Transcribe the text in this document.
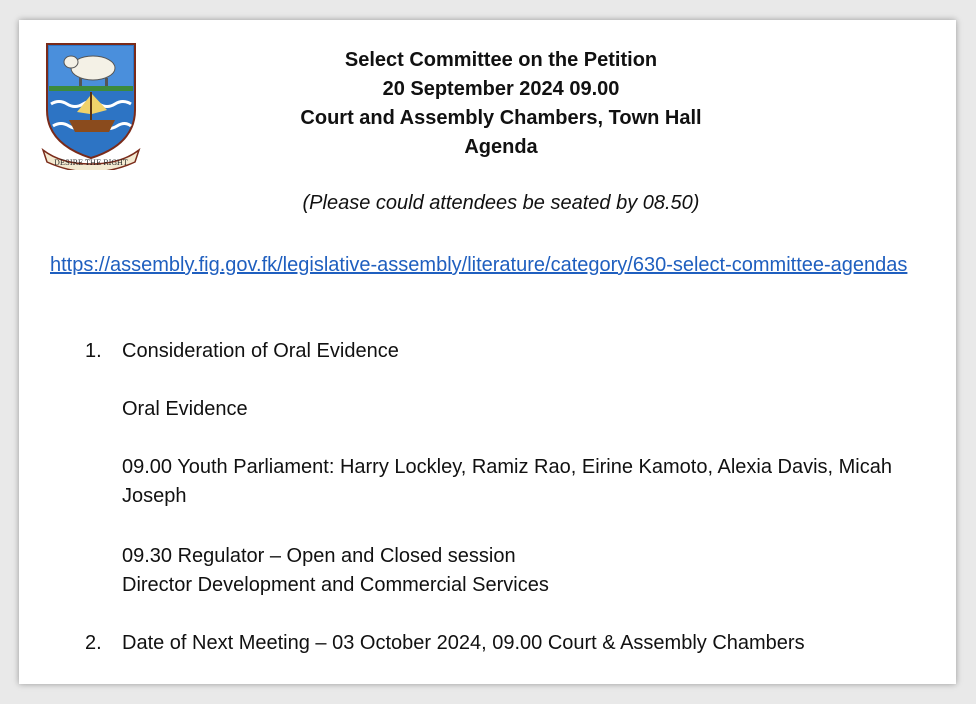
DESIRE THE RIGHT
Select Committee on the Petition
20 September 2024 09.00
Court and Assembly Chambers, Town Hall
Agenda
(Please could attendees be seated by 08.50)
https://assembly.fig.gov.fk/legislative-assembly/literature/category/630-select-committee-agendas
1. Consideration of Oral Evidence
Oral Evidence
09.00 Youth Parliament: Harry Lockley, Ramiz Rao, Eirine Kamoto, Alexia Davis, Micah Joseph
09.30 Regulator – Open and Closed session
Director Development and Commercial Services
2. Date of Next Meeting – 03 October 2024, 09.00 Court & Assembly Chambers
